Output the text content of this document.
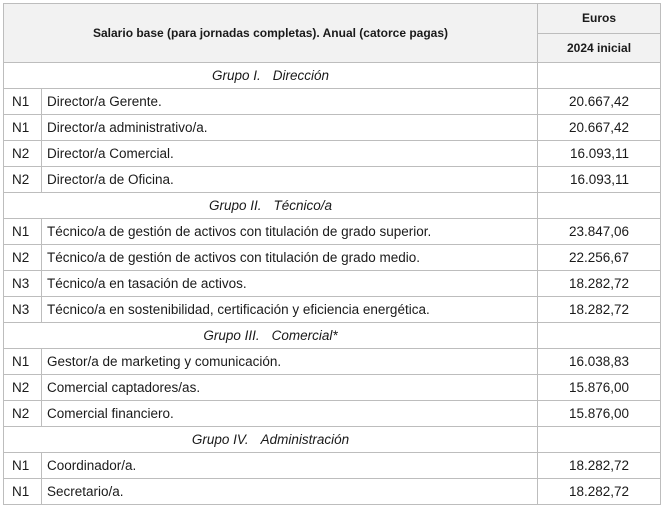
Salario base (para jornadas completas). Anual (catorce pagas)		Euros
		2024 inicial
Grupo I. Dirección		
N1	Director/a Gerente.	20.667,42
N1	Director/a administrativo/a.	20.667,42
N2	Director/a Comercial.	16.093,11
N2	Director/a de Oficina.	16.093,11
Grupo II. Técnico/a		
N1	Técnico/a de gestión de activos con titulación de grado superior.	23.847,06
N2	Técnico/a de gestión de activos con titulación de grado medio.	22.256,67
N3	Técnico/a en tasación de activos.	18.282,72
N3	Técnico/a en sostenibilidad, certificación y eficiencia energética.	18.282,72
Grupo III. Comercial*		
N1	Gestor/a de marketing y comunicación.	16.038,83
N2	Comercial captadores/as.	15.876,00
N2	Comercial financiero.	15.876,00
Grupo IV. Administración		
N1	Coordinador/a.	18.282,72
N1	Secretario/a.	18.282,72
